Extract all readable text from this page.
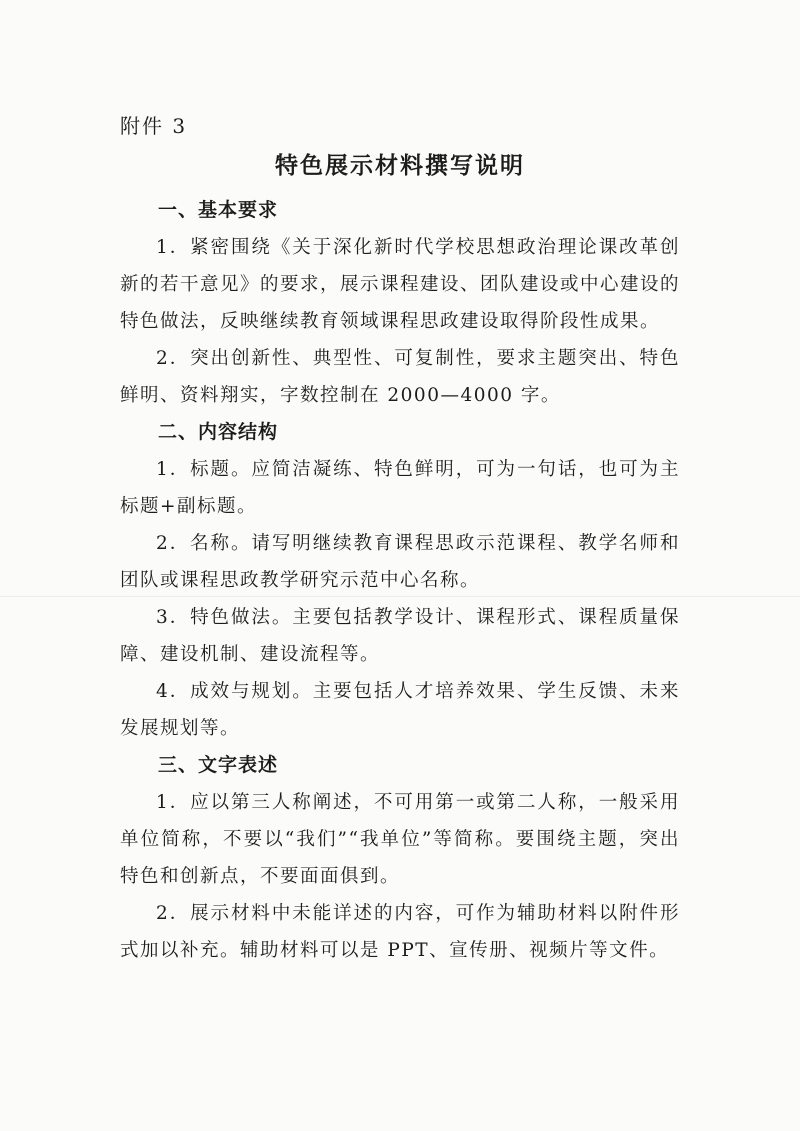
附件 3
特色展示材料撰写说明
一、基本要求

1．紧密围绕《关于深化新时代学校思想政治理论课改革创新的若干意见》的要求，展示课程建设、团队建设或中心建设的特色做法，反映继续教育领域课程思政建设取得阶段性成果。

2．突出创新性、典型性、可复制性，要求主题突出、特色鲜明、资料翔实，字数控制在 2000—4000 字。

二、内容结构

1．标题。应简洁凝练、特色鲜明，可为一句话，也可为主标题+副标题。

2．名称。请写明继续教育课程思政示范课程、教学名师和团队或课程思政教学研究示范中心名称。

3．特色做法。主要包括教学设计、课程形式、课程质量保障、建设机制、建设流程等。

4．成效与规划。主要包括人才培养效果、学生反馈、未来发展规划等。

三、文字表述

1．应以第三人称阐述，不可用第一或第二人称，一般采用单位简称，不要以“我们”“我单位”等简称。要围绕主题，突出特色和创新点，不要面面俱到。

2．展示材料中未能详述的内容，可作为辅助材料以附件形式加以补充。辅助材料可以是 PPT、宣传册、视频片等文件。
